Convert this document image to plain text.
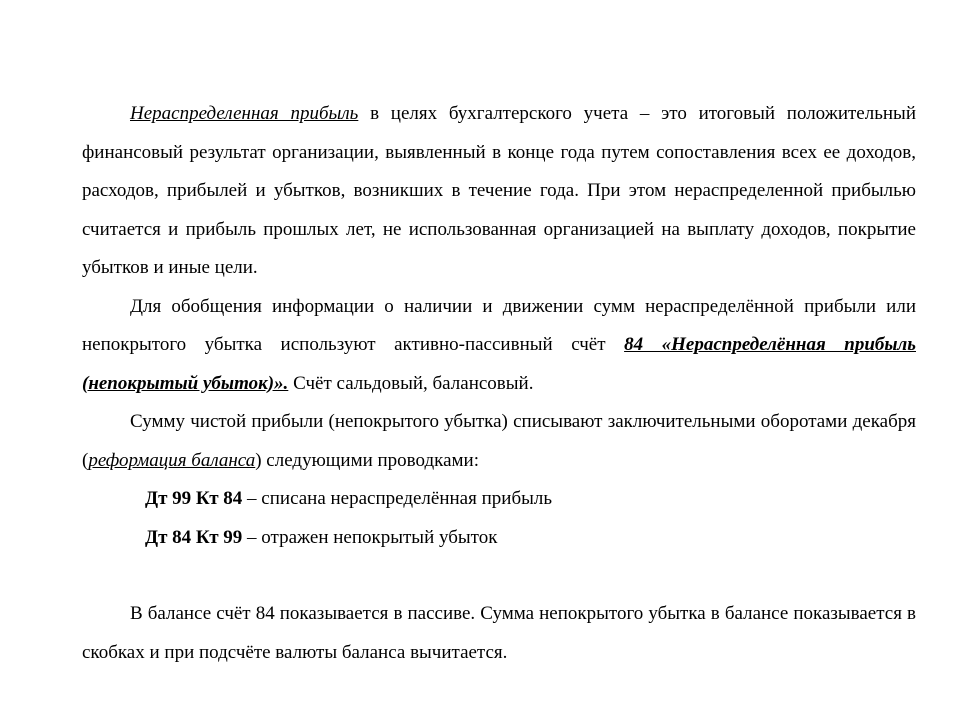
Нераспределенная прибыль в целях бухгалтерского учета – это итоговый положительный финансовый результат организации, выявленный в конце года путем сопоставления всех ее доходов, расходов, прибылей и убытков, возникших в течение года. При этом нераспределенной прибылью считается и прибыль прошлых лет, не использованная организацией на выплату доходов, покрытие убытков и иные цели.

Для обобщения информации о наличии и движении сумм нераспределённой прибыли или непокрытого убытка используют активно-пассивный счёт 84 «Нераспределённая прибыль (непокрытый убыток)». Счёт сальдовый, балансовый.

Сумму чистой прибыли (непокрытого убытка) списывают заключительными оборотами декабря (реформация баланса) следующими проводками:

Дт 99 Кт 84 – списана нераспределённая прибыль

Дт 84 Кт 99 – отражен непокрытый убыток

В балансе счёт 84 показывается в пассиве. Сумма непокрытого убытка в балансе показывается в скобках и при подсчёте валюты баланса вычитается.
